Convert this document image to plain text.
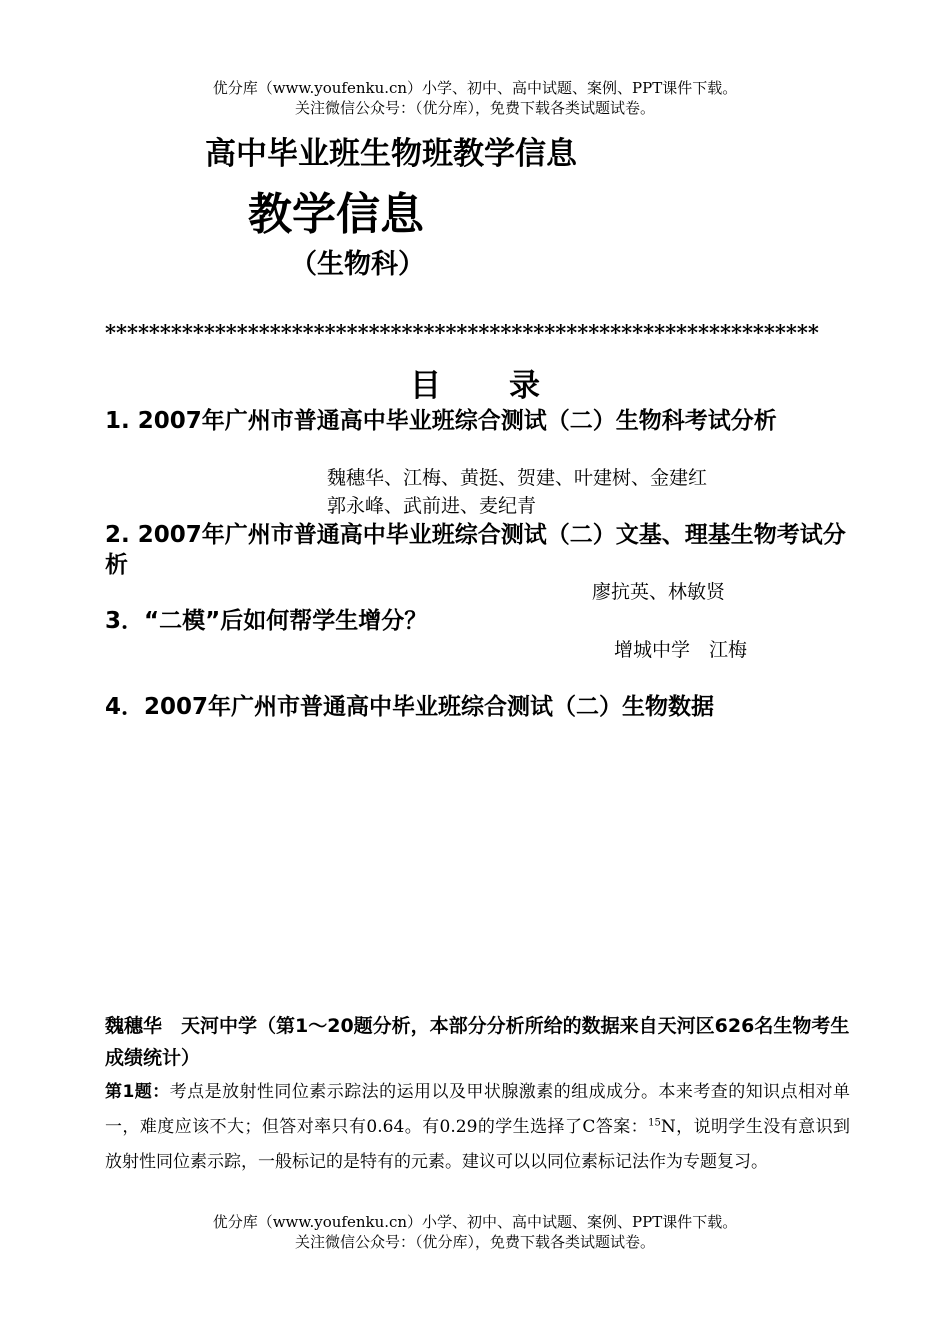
优分库（www.youfenku.cn）小学、初中、高中试题、案例、PPT课件下载。
关注微信公众号：（优分库），免费下载各类试题试卷。
高中毕业班生物班教学信息
教学信息
（生物科）
*****************************************************************
目 录
1. 2007年广州市普通高中毕业班综合测试（二）生物科考试分析
魏穗华、江梅、黄挺、贺建、叶建树、金建红
郭永峰、武前进、麦纪青
2. 2007年广州市普通高中毕业班综合测试（二）文基、理基生物考试分析
廖抗英、林敏贤
3．“二模”后如何帮学生增分？
增城中学　江梅
4．2007年广州市普通高中毕业班综合测试（二）生物数据
魏穗华　天河中学（第1～20题分析，本部分分析所给的数据来自天河区626名生物考生成绩统计）
第1题：考点是放射性同位素示踪法的运用以及甲状腺激素的组成成分。本来考查的知识点相对单一，难度应该不大；但答对率只有0.64。有0.29的学生选择了C答案：$^{15}$N，说明学生没有意识到放射性同位素示踪，一般标记的是特有的元素。建议可以以同位素标记法作为专题复习。
优分库（www.youfenku.cn）小学、初中、高中试题、案例、PPT课件下载。
关注微信公众号：（优分库），免费下载各类试题试卷。
